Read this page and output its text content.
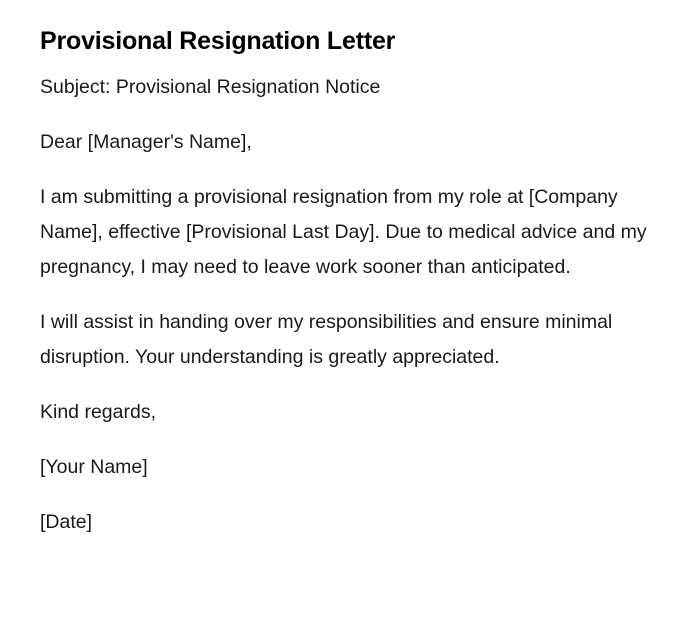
Provisional Resignation Letter

Subject: Provisional Resignation Notice

Dear [Manager's Name],

I am submitting a provisional resignation from my role at [Company Name], effective [Provisional Last Day]. Due to medical advice and my pregnancy, I may need to leave work sooner than anticipated.

I will assist in handing over my responsibilities and ensure minimal disruption. Your understanding is greatly appreciated.

Kind regards,

[Your Name]

[Date]
